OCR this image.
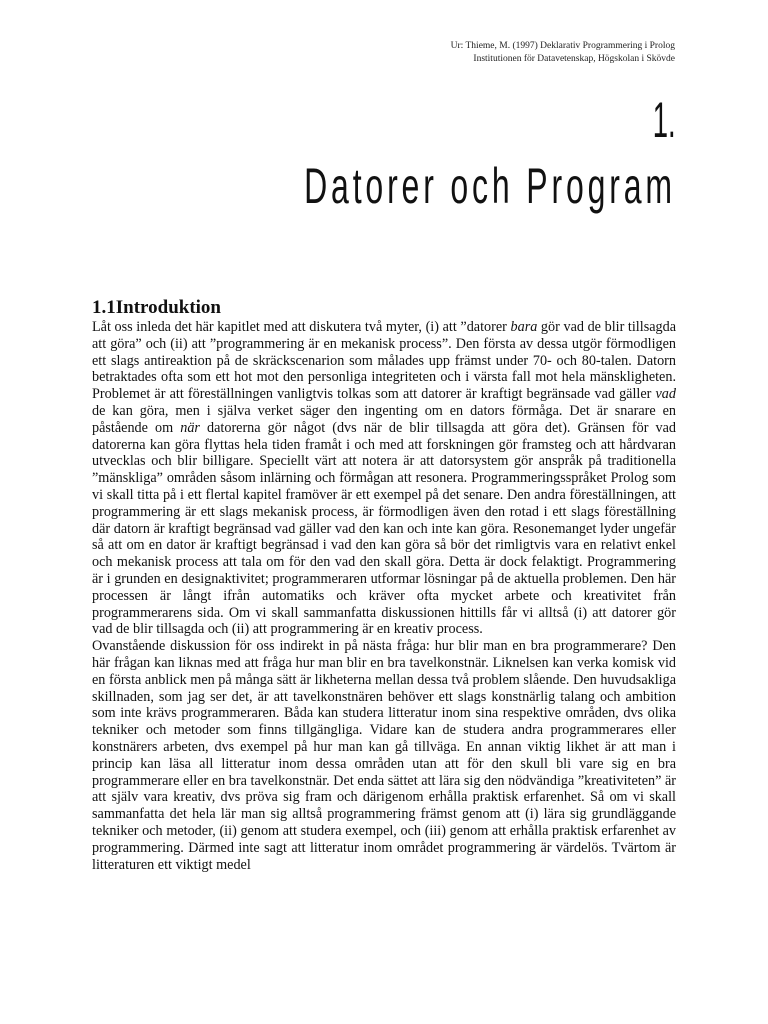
Ur: Thieme, M. (1997) Deklarativ Programmering i Prolog
Institutionen för Datavetenskap, Högskolan i Skövde
1.
Datorer och Program
1.1Introduktion

Låt oss inleda det här kapitlet med att diskutera två myter, (i) att ”datorer bara gör vad de blir tillsagda att göra” och (ii) att ”programmering är en mekanisk process”. Den första av dessa utgör förmodligen ett slags antireaktion på de skräckscenarion som målades upp främst under 70- och 80-talen. Datorn betraktades ofta som ett hot mot den personliga integriteten och i värsta fall mot hela mänskligheten. Problemet är att föreställningen vanligtvis tolkas som att datorer är kraftigt begränsade vad gäller vad de kan göra, men i själva verket säger den ingenting om en dators förmåga. Det är snarare en påstående om när datorerna gör något (dvs när de blir tillsagda att göra det). Gränsen för vad datorerna kan göra flyttas hela tiden framåt i och med att forskningen gör framsteg och att hårdvaran utvecklas och blir billigare. Speciellt värt att notera är att datorsystem gör anspråk på traditionella ”mänskliga” områden såsom inlärning och förmågan att resonera. Programmeringsspråket Prolog som vi skall titta på i ett flertal kapitel framöver är ett exempel på det senare. Den andra föreställningen, att programmering är ett slags mekanisk process, är förmodligen även den rotad i ett slags föreställning där datorn är kraftigt begränsad vad gäller vad den kan och inte kan göra. Resonemanget lyder ungefär så att om en dator är kraftigt begränsad i vad den kan göra så bör det rimligtvis vara en relativt enkel och mekanisk process att tala om för den vad den skall göra. Detta är dock felaktigt. Programmering är i grunden en designaktivitet; programmeraren utformar lösningar på de aktuella problemen. Den här processen är långt ifrån automatiks och kräver ofta mycket arbete och kreativitet från programmerarens sida. Om vi skall sammanfatta diskussionen hittills får vi alltså (i) att datorer gör vad de blir tillsagda och (ii) att programmering är en kreativ process.

Ovanstående diskussion för oss indirekt in på nästa fråga: hur blir man en bra programmerare? Den här frågan kan liknas med att fråga hur man blir en bra tavelkonstnär. Liknelsen kan verka komisk vid en första anblick men på många sätt är likheterna mellan dessa två problem slående. Den huvudsakliga skillnaden, som jag ser det, är att tavelkonstnären behöver ett slags konstnärlig talang och ambition som inte krävs programmeraren. Båda kan studera litteratur inom sina respektive områden, dvs olika tekniker och metoder som finns tillgängliga. Vidare kan de studera andra programmerares eller konstnärers arbeten, dvs exempel på hur man kan gå tillväga. En annan viktig likhet är att man i princip kan läsa all litteratur inom dessa områden utan att för den skull bli vare sig en bra programmerare eller en bra tavelkonstnär. Det enda sättet att lära sig den nödvändiga ”kreativiteten” är att själv vara kreativ, dvs pröva sig fram och därigenom erhålla praktisk erfarenhet. Så om vi skall sammanfatta det hela lär man sig alltså programmering främst genom att (i) lära sig grundläggande tekniker och metoder, (ii) genom att studera exempel, och (iii) genom att erhålla praktisk erfarenhet av programmering. Därmed inte sagt att litteratur inom området programmering är värdelös. Tvärtom är litteraturen ett viktigt medel
